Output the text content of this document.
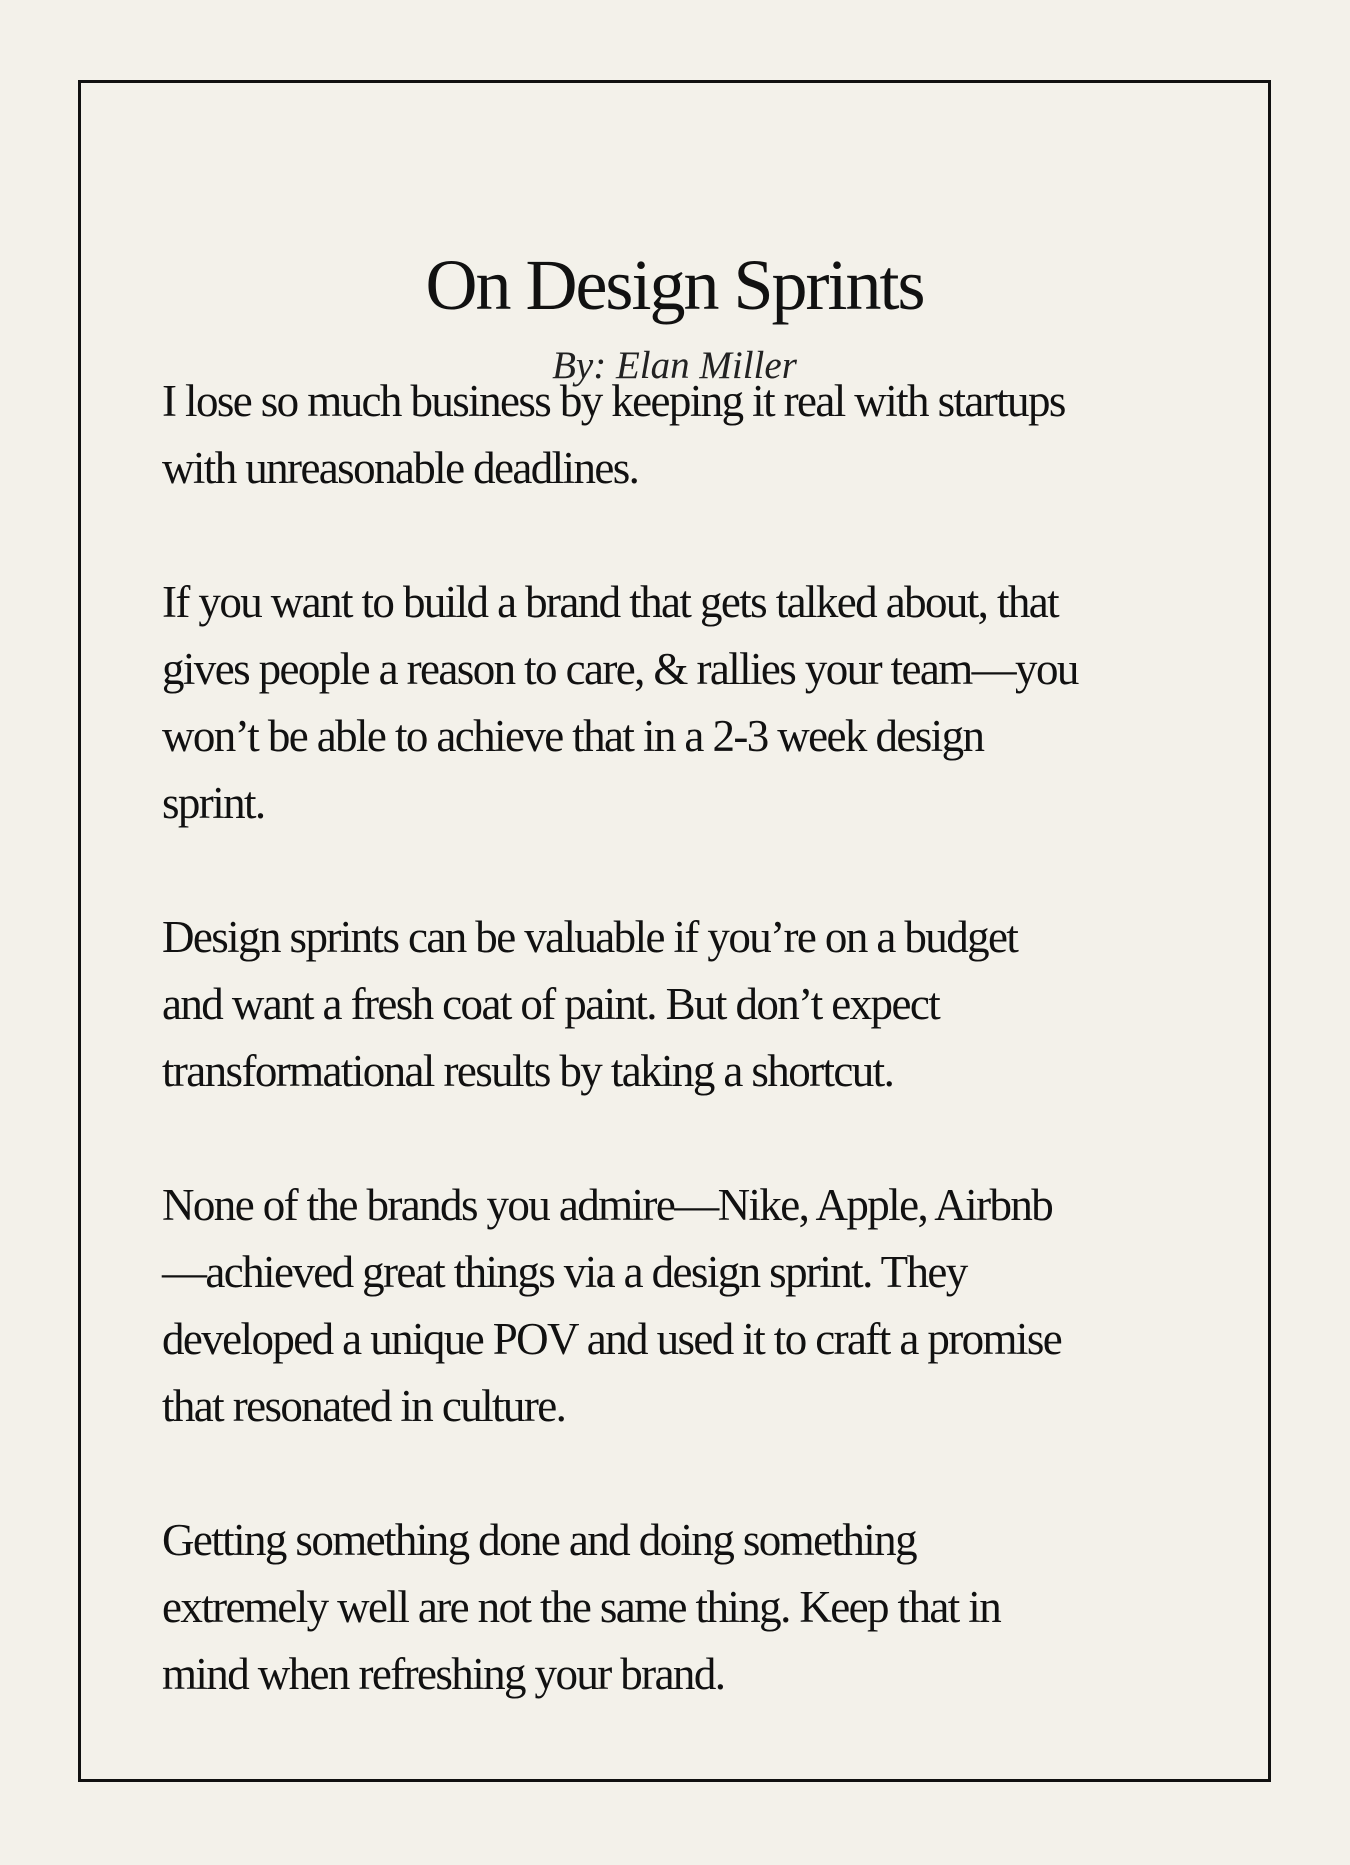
On Design Sprints

By: Elan Miller

I lose so much business by keeping it real with startups
with unreasonable deadlines.

If you want to build a brand that gets talked about, that
gives people a reason to care, & rallies your team—you
won’t be able to achieve that in a 2-3 week design
sprint.

Design sprints can be valuable if you’re on a budget
and want a fresh coat of paint. But don’t expect
transformational results by taking a shortcut.

None of the brands you admire—Nike, Apple, Airbnb
—achieved great things via a design sprint. They
developed a unique POV and used it to craft a promise
that resonated in culture.

Getting something done and doing something
extremely well are not the same thing. Keep that in
mind when refreshing your brand.
